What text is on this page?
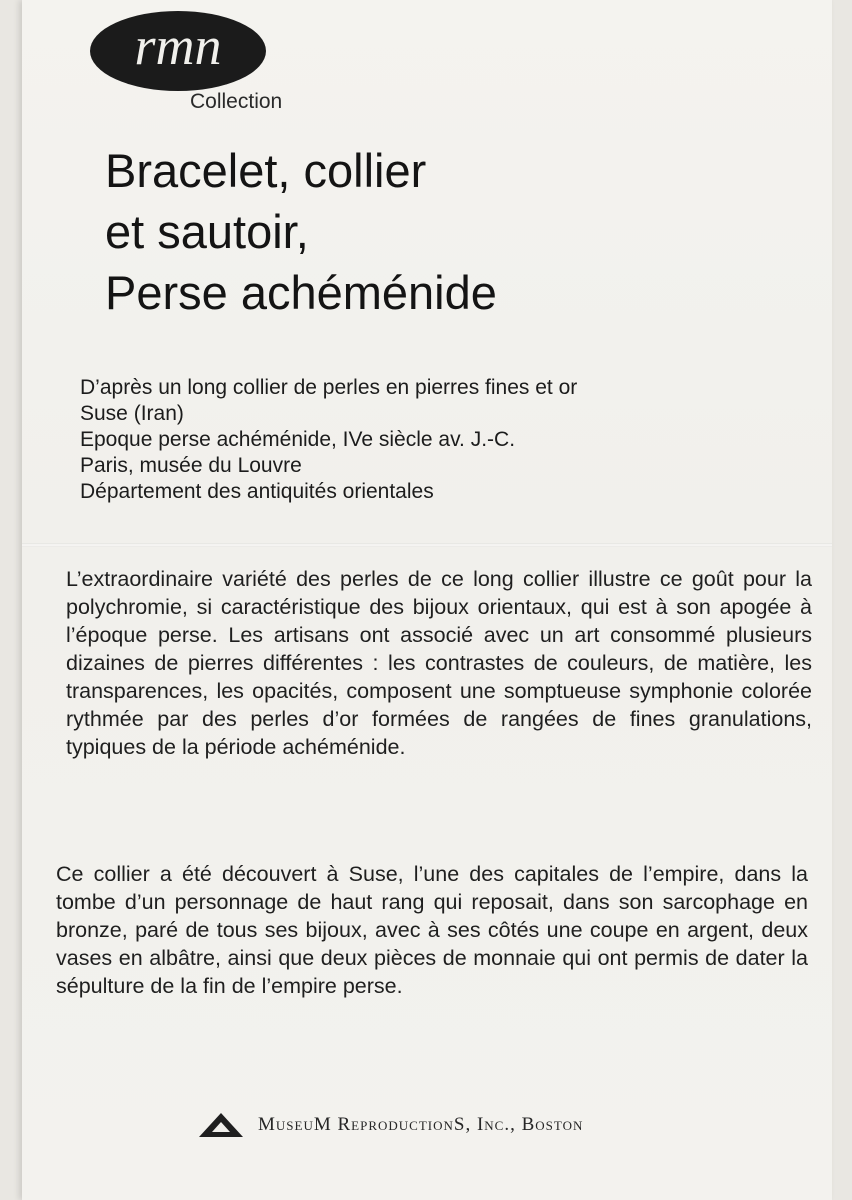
rmn
Collection
Bracelet, collier
et sautoir,
Perse achéménide
D’après un long collier de perles en pierres fines et or
Suse (Iran)
Epoque perse achéménide, IVe siècle av. J.-C.
Paris, musée du Louvre
Département des antiquités orientales

L’extraordinaire variété des perles de ce long collier illustre ce goût pour la polychromie, si caractéristique des bijoux orientaux, qui est à son apogée à l’époque perse. Les artisans ont associé avec un art consommé plusieurs dizaines de pierres différentes : les contrastes de couleurs, de matière, les transparences, les opacités, composent une somptueuse symphonie colorée rythmée par des perles d’or formées de rangées de fines granulations, typiques de la période achéménide.

Ce collier a été découvert à Suse, l’une des capitales de l’empire, dans la tombe d’un personnage de haut rang qui reposait, dans son sarcophage en bronze, paré de tous ses bijoux, avec à ses côtés une coupe en argent, deux vases en albâtre, ainsi que deux pièces de monnaie qui ont permis de dater la sépulture de la fin de l’empire perse.

MuseuM ReproductionS, Inc., Boston
